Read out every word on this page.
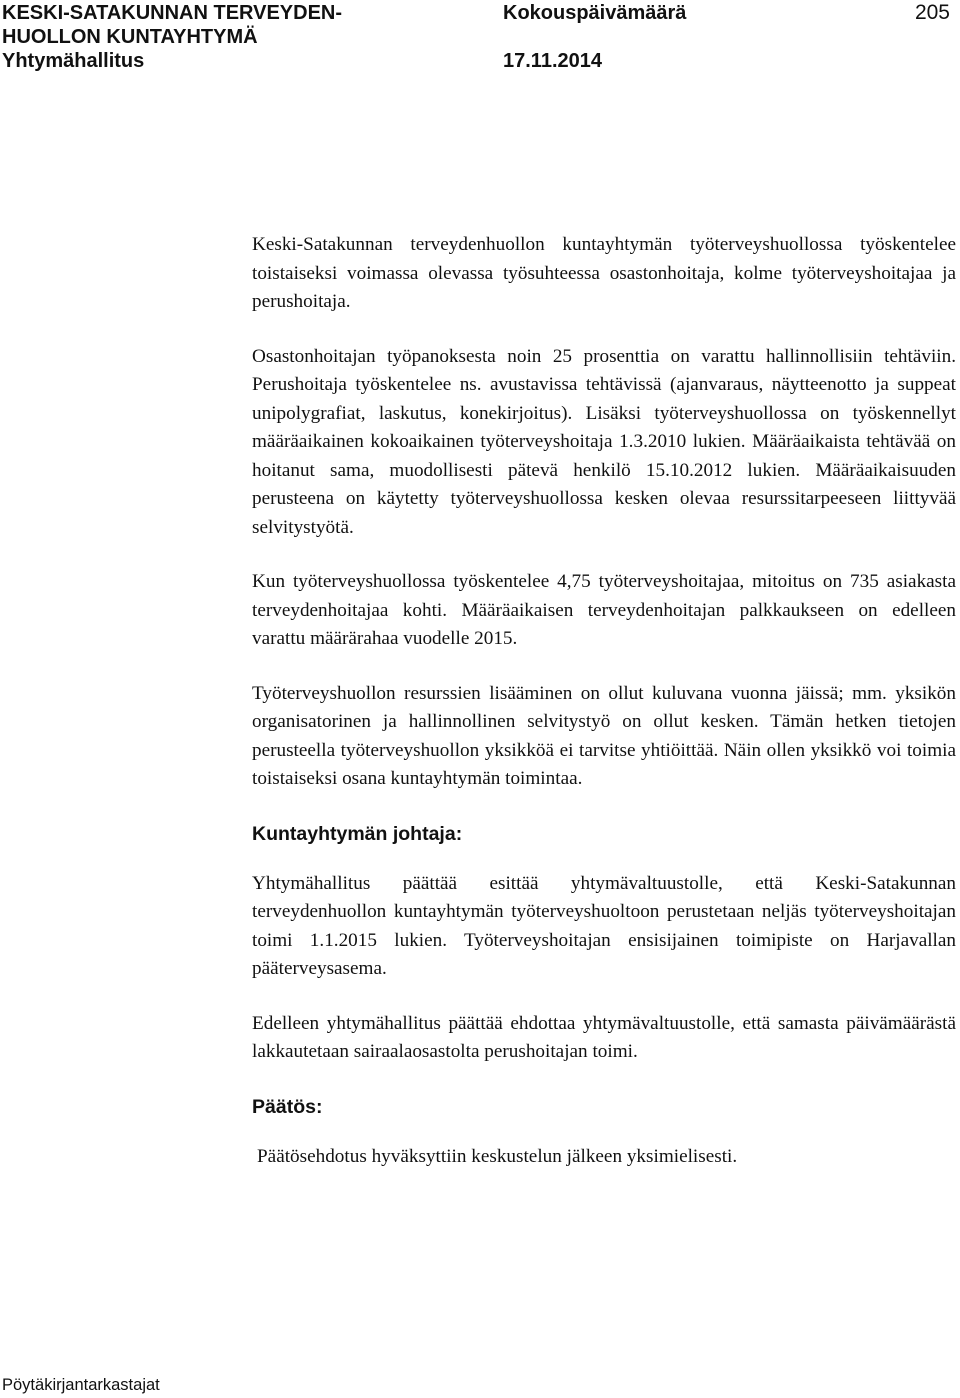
KESKI-SATAKUNNAN TERVEYDEN-
HUOLLON KUNTAYHTYMÄ
Yhtymähallitus
Kokouspäivämäärä
17.11.2014
205

Keski-Satakunnan terveydenhuollon kuntayhtymän työterveyshuollossa työskentelee toistaiseksi voimassa olevassa työsuhteessa osastonhoitaja, kolme työterveyshoitajaa ja perushoitaja.

Osastonhoitajan työpanoksesta noin 25 prosenttia on varattu hallinnollisiin tehtäviin. Perushoitaja työskentelee ns. avustavissa tehtävissä (ajanvaraus, näytteenotto ja suppeat unipolygrafiat, laskutus, konekirjoitus). Lisäksi työterveyshuollossa on työskennellyt määräaikainen kokoaikainen työterveyshoitaja 1.3.2010 lukien. Määräaikaista tehtävää on hoitanut sama, muodollisesti pätevä henkilö 15.10.2012 lukien. Määräaikaisuuden perusteena on käytetty työterveyshuollossa kesken olevaa resurssitarpeeseen liittyvää selvitystyötä.

Kun työterveyshuollossa työskentelee 4,75 työterveyshoitajaa, mitoitus on 735 asiakasta terveydenhoitajaa kohti. Määräaikaisen terveydenhoitajan palkkaukseen on edelleen varattu määrärahaa vuodelle 2015.

Työterveyshuollon resurssien lisääminen on ollut kuluvana vuonna jäissä; mm. yksikön organisatorinen ja hallinnollinen selvitystyö on ollut kesken. Tämän hetken tietojen perusteella työterveyshuollon yksikköä ei tarvitse yhtiöittää. Näin ollen yksikkö voi toimia toistaiseksi osana kuntayhtymän toimintaa.

Kuntayhtymän johtaja:

Yhtymähallitus päättää esittää yhtymävaltuustolle, että Keski-Satakunnan terveydenhuollon kuntayhtymän työterveyshuoltoon perustetaan neljäs työterveyshoitajan toimi 1.1.2015 lukien. Työterveyshoitajan ensisijainen toimipiste on Harjavallan pääterveysasema.

Edelleen yhtymähallitus päättää ehdottaa yhtymävaltuustolle, että samasta päivämäärästä lakkautetaan sairaalaosastolta perushoitajan toimi.

Päätös:

Päätösehdotus hyväksyttiin keskustelun jälkeen yksimielisesti.

Pöytäkirjantarkastajat
